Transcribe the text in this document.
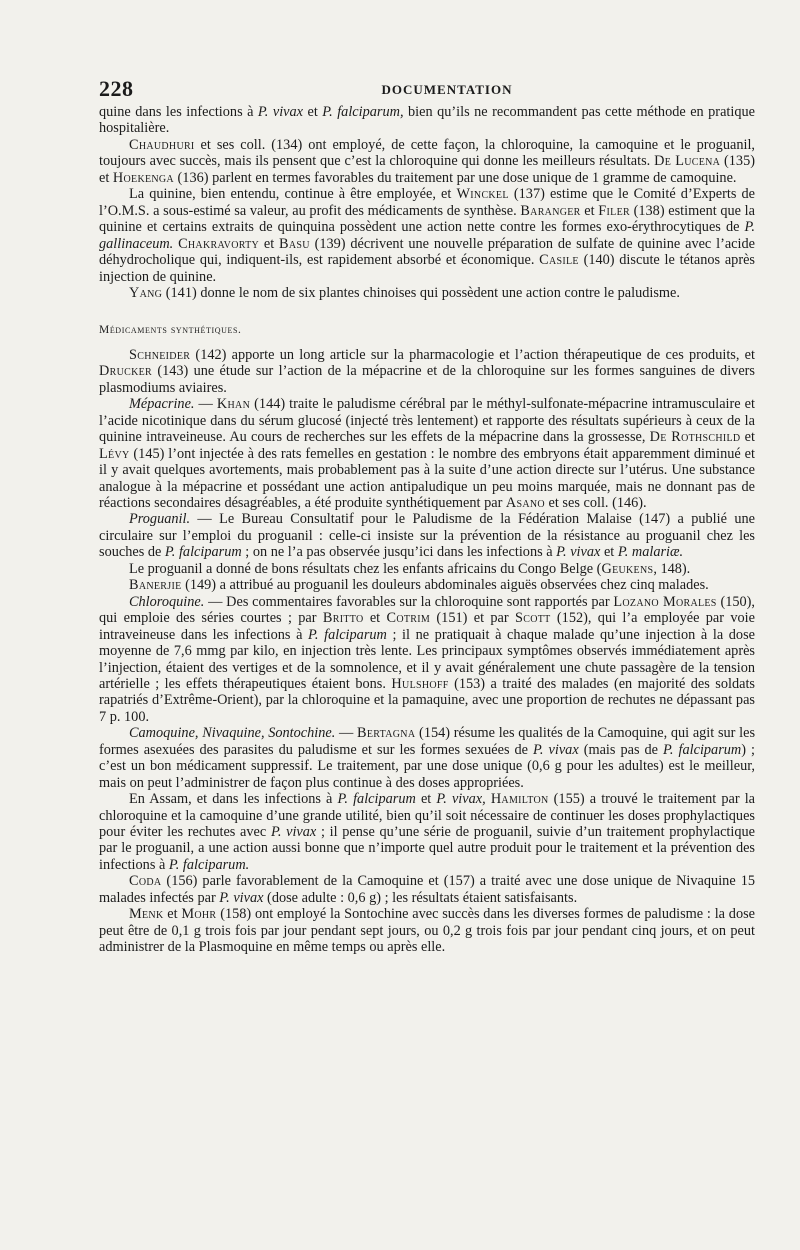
228	DOCUMENTATION

quine dans les infections à P. vivax et P. falciparum, bien qu’ils ne recommandent pas cette méthode en pratique hospitalière.

Chaudhuri et ses coll. (134) ont employé, de cette façon, la chloroquine, la camoquine et le proguanil, toujours avec succès, mais ils pensent que c’est la chloroquine qui donne les meilleurs résultats. De Lucena (135) et Hoekenga (136) parlent en termes favorables du traitement par une dose unique de 1 gramme de camoquine.

La quinine, bien entendu, continue à être employée, et Winckel (137) estime que le Comité d’Experts de l’O.M.S. a sous-estimé sa valeur, au profit des médicaments de synthèse. Baranger et Filer (138) estiment que la quinine et certains extraits de quinquina possèdent une action nette contre les formes exo-érythrocytiques de P. gallinaceum. Chakravorty et Basu (139) décrivent une nouvelle préparation de sulfate de quinine avec l’acide déhydrocholique qui, indiquent-ils, est rapidement absorbé et économique. Casile (140) discute le tétanos après injection de quinine.

Yang (141) donne le nom de six plantes chinoises qui possèdent une action contre le paludisme.

Médicaments synthétiques.

Schneider (142) apporte un long article sur la pharmacologie et l’action thérapeutique de ces produits, et Drucker (143) une étude sur l’action de la mépacrine et de la chloroquine sur les formes sanguines de divers plasmodiums aviaires.

Mépacrine. — Khan (144) traite le paludisme cérébral par le méthyl-sulfonate-mépacrine intramusculaire et l’acide nicotinique dans du sérum glucosé (injecté très lentement) et rapporte des résultats supérieurs à ceux de la quinine intraveineuse. Au cours de recherches sur les effets de la mépacrine dans la grossesse, De Rothschild et Lévy (145) l’ont injectée à des rats femelles en gestation : le nombre des embryons était apparemment diminué et il y avait quelques avortements, mais probablement pas à la suite d’une action directe sur l’utérus. Une substance analogue à la mépacrine et possédant une action antipaludique un peu moins marquée, mais ne donnant pas de réactions secondaires désagréables, a été produite synthétiquement par Asano et ses coll. (146).

Proguanil. — Le Bureau Consultatif pour le Paludisme de la Fédération Malaise (147) a publié une circulaire sur l’emploi du proguanil : celle-ci insiste sur la prévention de la résistance au proguanil chez les souches de P. falciparum ; on ne l’a pas observée jusqu’ici dans les infections à P. vivax et P. malariæ.

Le proguanil a donné de bons résultats chez les enfants africains du Congo Belge (Geukens, 148).

Banerjie (149) a attribué au proguanil les douleurs abdominales aiguës observées chez cinq malades.

Chloroquine. — Des commentaires favorables sur la chloroquine sont rapportés par Lozano Morales (150), qui emploie des séries courtes ; par Britto et Cotrim (151) et par Scott (152), qui l’a employée par voie intraveineuse dans les infections à P. falciparum ; il ne pratiquait à chaque malade qu’une injection à la dose moyenne de 7,6 mmg par kilo, en injection très lente. Les principaux symptômes observés immédiatement après l’injection, étaient des vertiges et de la somnolence, et il y avait généralement une chute passagère de la tension artérielle ; les effets thérapeutiques étaient bons. Hulshoff (153) a traité des malades (en majorité des soldats rapatriés d’Extrême-Orient), par la chloroquine et la pamaquine, avec une proportion de rechutes ne dépassant pas 7 p. 100.

Camoquine, Nivaquine, Sontochine. — Bertagna (154) résume les qualités de la Camoquine, qui agit sur les formes asexuées des parasites du paludisme et sur les formes sexuées de P. vivax (mais pas de P. falciparum) ; c’est un bon médicament suppressif. Le traitement, par une dose unique (0,6 g pour les adultes) est le meilleur, mais on peut l’administrer de façon plus continue à des doses appropriées.

En Assam, et dans les infections à P. falciparum et P. vivax, Hamilton (155) a trouvé le traitement par la chloroquine et la camoquine d’une grande utilité, bien qu’il soit nécessaire de continuer les doses prophylactiques pour éviter les rechutes avec P. vivax ; il pense qu’une série de proguanil, suivie d’un traitement prophylactique par le proguanil, a une action aussi bonne que n’importe quel autre produit pour le traitement et la prévention des infections à P. falciparum.

Coda (156) parle favorablement de la Camoquine et (157) a traité avec une dose unique de Nivaquine 15 malades infectés par P. vivax (dose adulte : 0,6 g) ; les résultats étaient satisfaisants.

Menk et Mohr (158) ont employé la Sontochine avec succès dans les diverses formes de paludisme : la dose peut être de 0,1 g trois fois par jour pendant sept jours, ou 0,2 g trois fois par jour pendant cinq jours, et on peut administrer de la Plasmoquine en même temps ou après elle.
